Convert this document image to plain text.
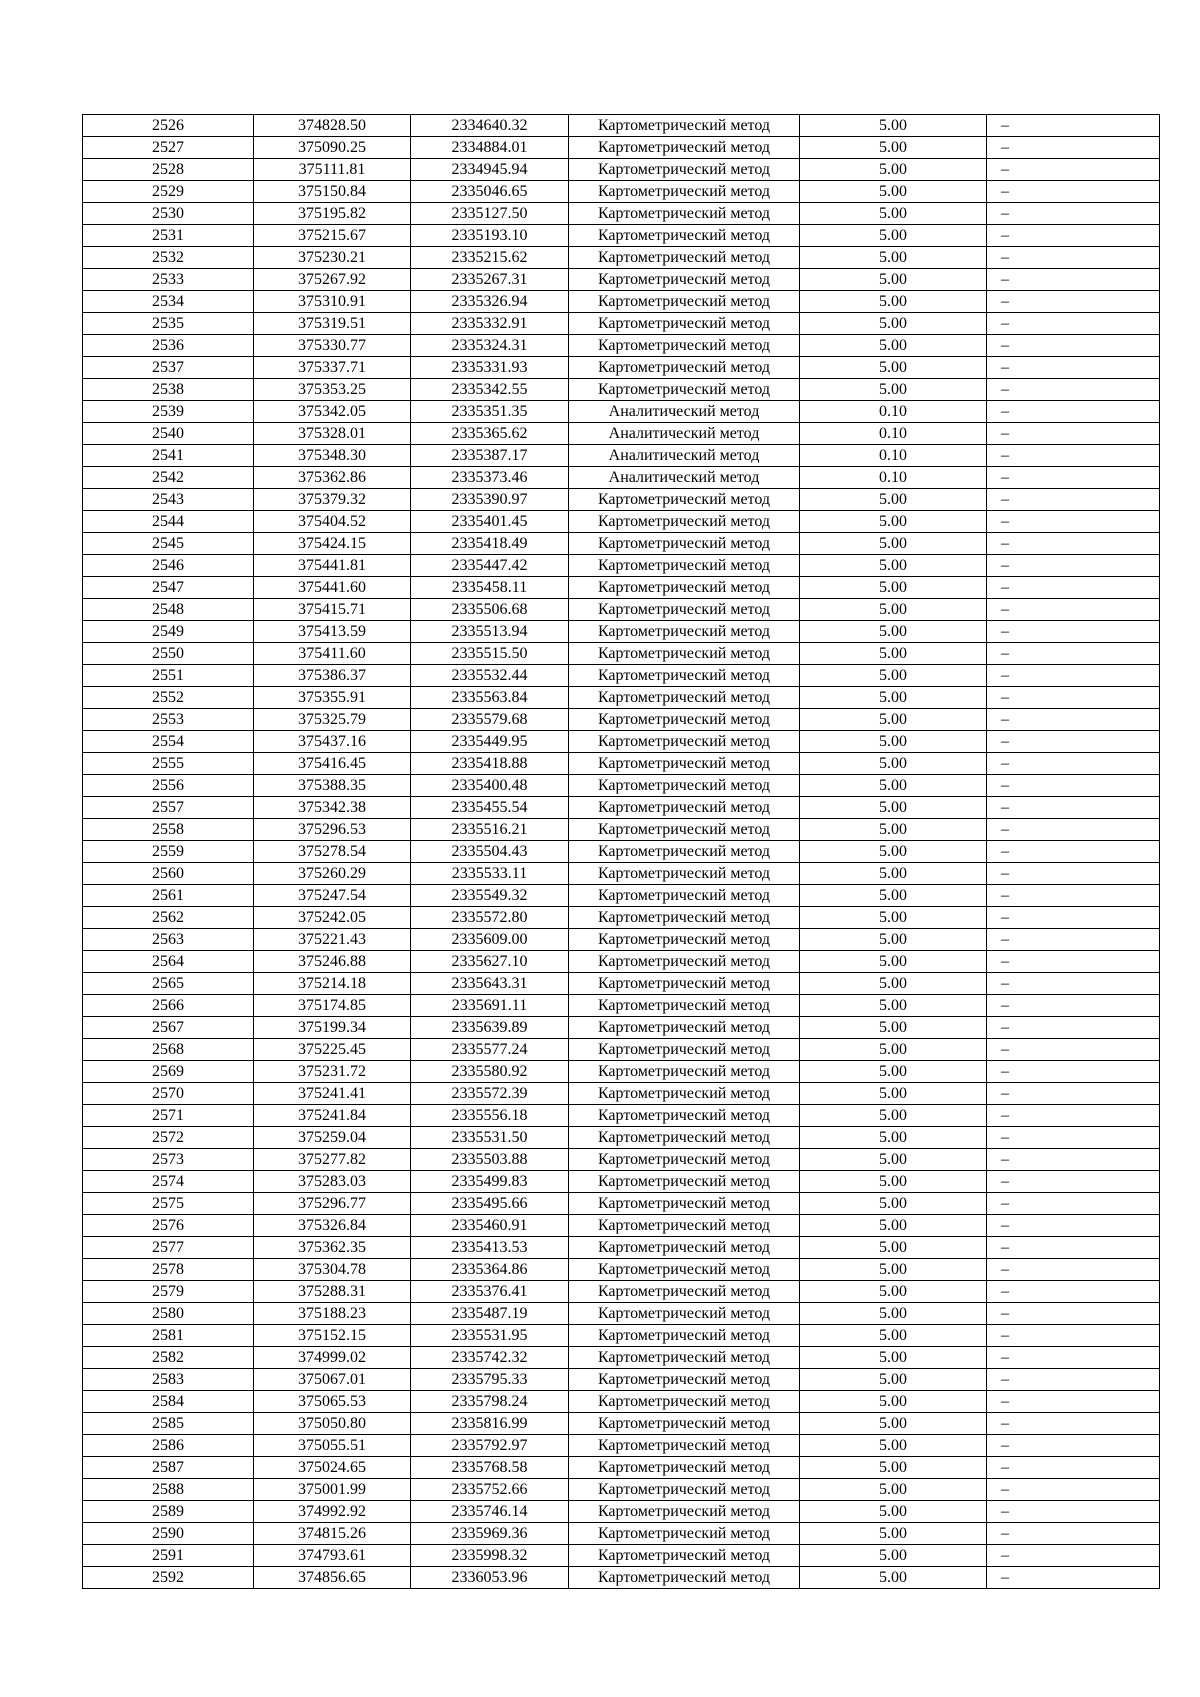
2526	374828.50	2334640.32	Картометрический метод	5.00	–
2527	375090.25	2334884.01	Картометрический метод	5.00	–
2528	375111.81	2334945.94	Картометрический метод	5.00	–
2529	375150.84	2335046.65	Картометрический метод	5.00	–
2530	375195.82	2335127.50	Картометрический метод	5.00	–
2531	375215.67	2335193.10	Картометрический метод	5.00	–
2532	375230.21	2335215.62	Картометрический метод	5.00	–
2533	375267.92	2335267.31	Картометрический метод	5.00	–
2534	375310.91	2335326.94	Картометрический метод	5.00	–
2535	375319.51	2335332.91	Картометрический метод	5.00	–
2536	375330.77	2335324.31	Картометрический метод	5.00	–
2537	375337.71	2335331.93	Картометрический метод	5.00	–
2538	375353.25	2335342.55	Картометрический метод	5.00	–
2539	375342.05	2335351.35	Аналитический метод	0.10	–
2540	375328.01	2335365.62	Аналитический метод	0.10	–
2541	375348.30	2335387.17	Аналитический метод	0.10	–
2542	375362.86	2335373.46	Аналитический метод	0.10	–
2543	375379.32	2335390.97	Картометрический метод	5.00	–
2544	375404.52	2335401.45	Картометрический метод	5.00	–
2545	375424.15	2335418.49	Картометрический метод	5.00	–
2546	375441.81	2335447.42	Картометрический метод	5.00	–
2547	375441.60	2335458.11	Картометрический метод	5.00	–
2548	375415.71	2335506.68	Картометрический метод	5.00	–
2549	375413.59	2335513.94	Картометрический метод	5.00	–
2550	375411.60	2335515.50	Картометрический метод	5.00	–
2551	375386.37	2335532.44	Картометрический метод	5.00	–
2552	375355.91	2335563.84	Картометрический метод	5.00	–
2553	375325.79	2335579.68	Картометрический метод	5.00	–
2554	375437.16	2335449.95	Картометрический метод	5.00	–
2555	375416.45	2335418.88	Картометрический метод	5.00	–
2556	375388.35	2335400.48	Картометрический метод	5.00	–
2557	375342.38	2335455.54	Картометрический метод	5.00	–
2558	375296.53	2335516.21	Картометрический метод	5.00	–
2559	375278.54	2335504.43	Картометрический метод	5.00	–
2560	375260.29	2335533.11	Картометрический метод	5.00	–
2561	375247.54	2335549.32	Картометрический метод	5.00	–
2562	375242.05	2335572.80	Картометрический метод	5.00	–
2563	375221.43	2335609.00	Картометрический метод	5.00	–
2564	375246.88	2335627.10	Картометрический метод	5.00	–
2565	375214.18	2335643.31	Картометрический метод	5.00	–
2566	375174.85	2335691.11	Картометрический метод	5.00	–
2567	375199.34	2335639.89	Картометрический метод	5.00	–
2568	375225.45	2335577.24	Картометрический метод	5.00	–
2569	375231.72	2335580.92	Картометрический метод	5.00	–
2570	375241.41	2335572.39	Картометрический метод	5.00	–
2571	375241.84	2335556.18	Картометрический метод	5.00	–
2572	375259.04	2335531.50	Картометрический метод	5.00	–
2573	375277.82	2335503.88	Картометрический метод	5.00	–
2574	375283.03	2335499.83	Картометрический метод	5.00	–
2575	375296.77	2335495.66	Картометрический метод	5.00	–
2576	375326.84	2335460.91	Картометрический метод	5.00	–
2577	375362.35	2335413.53	Картометрический метод	5.00	–
2578	375304.78	2335364.86	Картометрический метод	5.00	–
2579	375288.31	2335376.41	Картометрический метод	5.00	–
2580	375188.23	2335487.19	Картометрический метод	5.00	–
2581	375152.15	2335531.95	Картометрический метод	5.00	–
2582	374999.02	2335742.32	Картометрический метод	5.00	–
2583	375067.01	2335795.33	Картометрический метод	5.00	–
2584	375065.53	2335798.24	Картометрический метод	5.00	–
2585	375050.80	2335816.99	Картометрический метод	5.00	–
2586	375055.51	2335792.97	Картометрический метод	5.00	–
2587	375024.65	2335768.58	Картометрический метод	5.00	–
2588	375001.99	2335752.66	Картометрический метод	5.00	–
2589	374992.92	2335746.14	Картометрический метод	5.00	–
2590	374815.26	2335969.36	Картометрический метод	5.00	–
2591	374793.61	2335998.32	Картометрический метод	5.00	–
2592	374856.65	2336053.96	Картометрический метод	5.00	–
